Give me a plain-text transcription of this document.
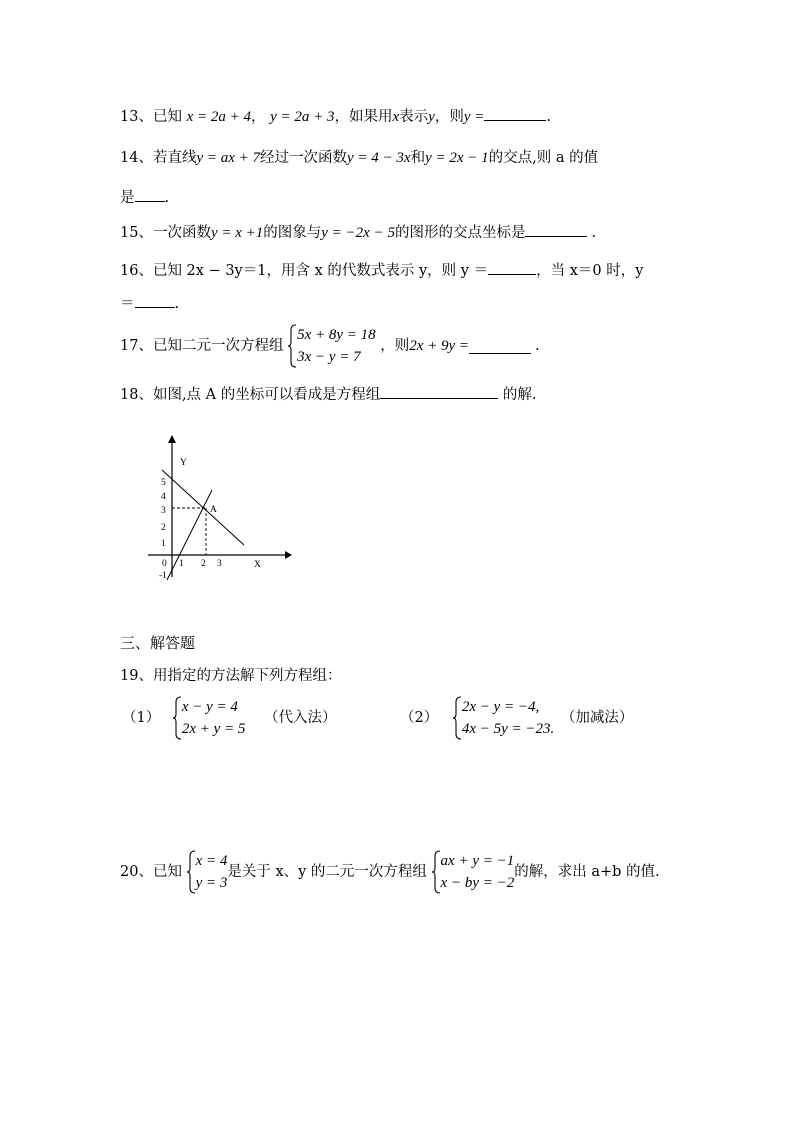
13、已知 x = 2a + 4， y = 2a + 3，如果用x表示y，则y =	.
14、若直线y = ax + 7经过一次函数y = 4 − 3x和y = 2x − 1的交点,则 a 的值
是 .
15、一次函数y = x +1的图象与y = −2x − 5的图形的交点坐标是	.
16、已知 2x − 3y＝1，用含 x 的代数式表示 y，则 y ＝	，当 x＝0 时，y
＝	.
17、已知二元一次方程组
5x + 8y = 18
3x − y = 7
，则2x + 9y =	.
18、如图,点 A 的坐标可以看成是方程组	的解.
Y
X
A
5
4
3
2
1
0 1 2 3
-1
三、解答题
19、用指定的方法解下列方程组：
（1）
x − y = 4
2x + y = 5
（代入法）	（2）
2x − y = −4,
4x − 5y = −23.
（加减法）
20、已知
x = 4
y = 3
是关于 x、y 的二元一次方程组
ax + y = −1
x − by = −2
的解，求出 a+b 的值.
